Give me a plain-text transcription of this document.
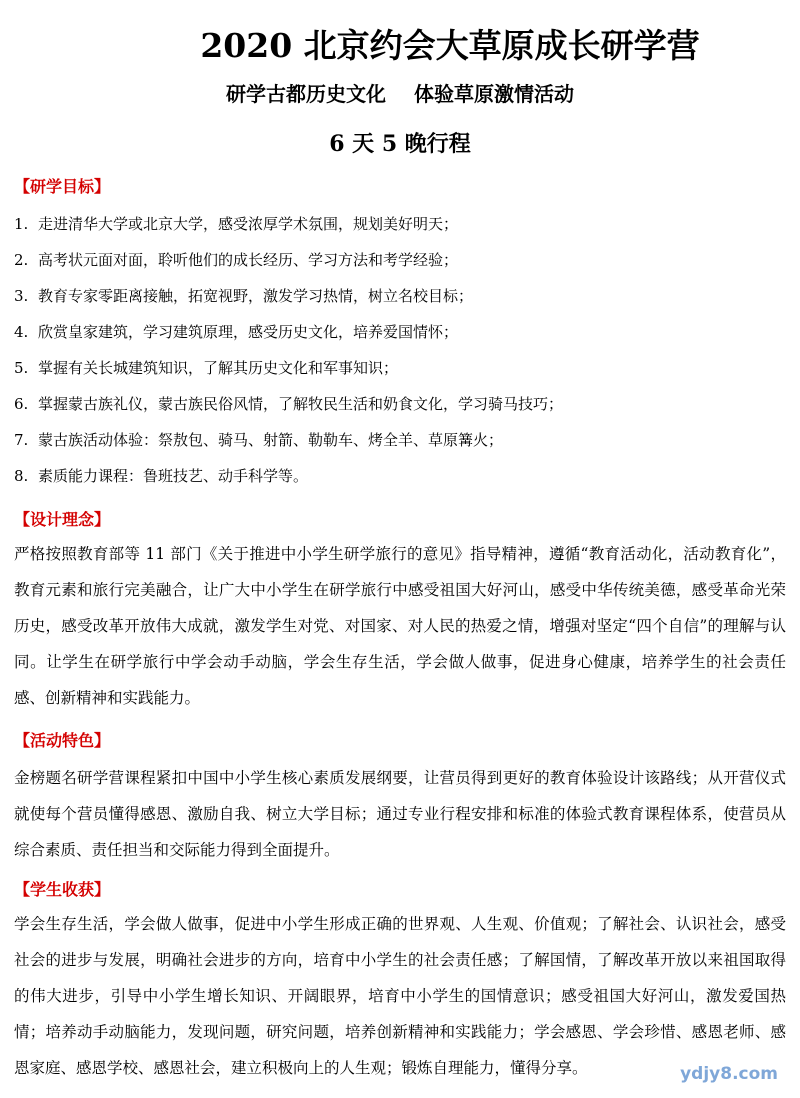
2020 北京约会大草原成长研学营
研学古都历史文化 体验草原激情活动
6 天 5 晚行程
【研学目标】
1. 走进清华大学或北京大学，感受浓厚学术氛围，规划美好明天；
2. 高考状元面对面，聆听他们的成长经历、学习方法和考学经验；
3. 教育专家零距离接触，拓宽视野，激发学习热情，树立名校目标；
4. 欣赏皇家建筑，学习建筑原理，感受历史文化，培养爱国情怀；
5. 掌握有关长城建筑知识，了解其历史文化和军事知识；
6. 掌握蒙古族礼仪，蒙古族民俗风情，了解牧民生活和奶食文化，学习骑马技巧；
7. 蒙古族活动体验：祭敖包、骑马、射箭、勒勒车、烤全羊、草原篝火；
8. 素质能力课程：鲁班技艺、动手科学等。
【设计理念】

严格按照教育部等 11 部门《关于推进中小学生研学旅行的意见》指导精神，遵循“教育活动化，活动教育化”，教育元素和旅行完美融合，让广大中小学生在研学旅行中感受祖国大好河山，感受中华传统美德，感受革命光荣历史，感受改革开放伟大成就，激发学生对党、对国家、对人民的热爱之情，增强对坚定“四个自信”的理解与认同。让学生在研学旅行中学会动手动脑，学会生存生活，学会做人做事，促进身心健康，培养学生的社会责任感、创新精神和实践能力。

【活动特色】

金榜题名研学营课程紧扣中国中小学生核心素质发展纲要，让营员得到更好的教育体验设计该路线；从开营仪式就使每个营员懂得感恩、激励自我、树立大学目标；通过专业行程安排和标准的体验式教育课程体系，使营员从综合素质、责任担当和交际能力得到全面提升。

【学生收获】

学会生存生活，学会做人做事，促进中小学生形成正确的世界观、人生观、价值观；了解社会、认识社会，感受社会的进步与发展，明确社会进步的方向，培育中小学生的社会责任感；了解国情，了解改革开放以来祖国取得的伟大进步，引导中小学生增长知识、开阔眼界，培育中小学生的国情意识；感受祖国大好河山，激发爱国热情；培养动手动脑能力，发现问题，研究问题，培养创新精神和实践能力；学会感恩、学会珍惜、感恩老师、感恩家庭、感恩学校、感恩社会，建立积极向上的人生观；锻炼自理能力，懂得分享。	ydjy8.com
